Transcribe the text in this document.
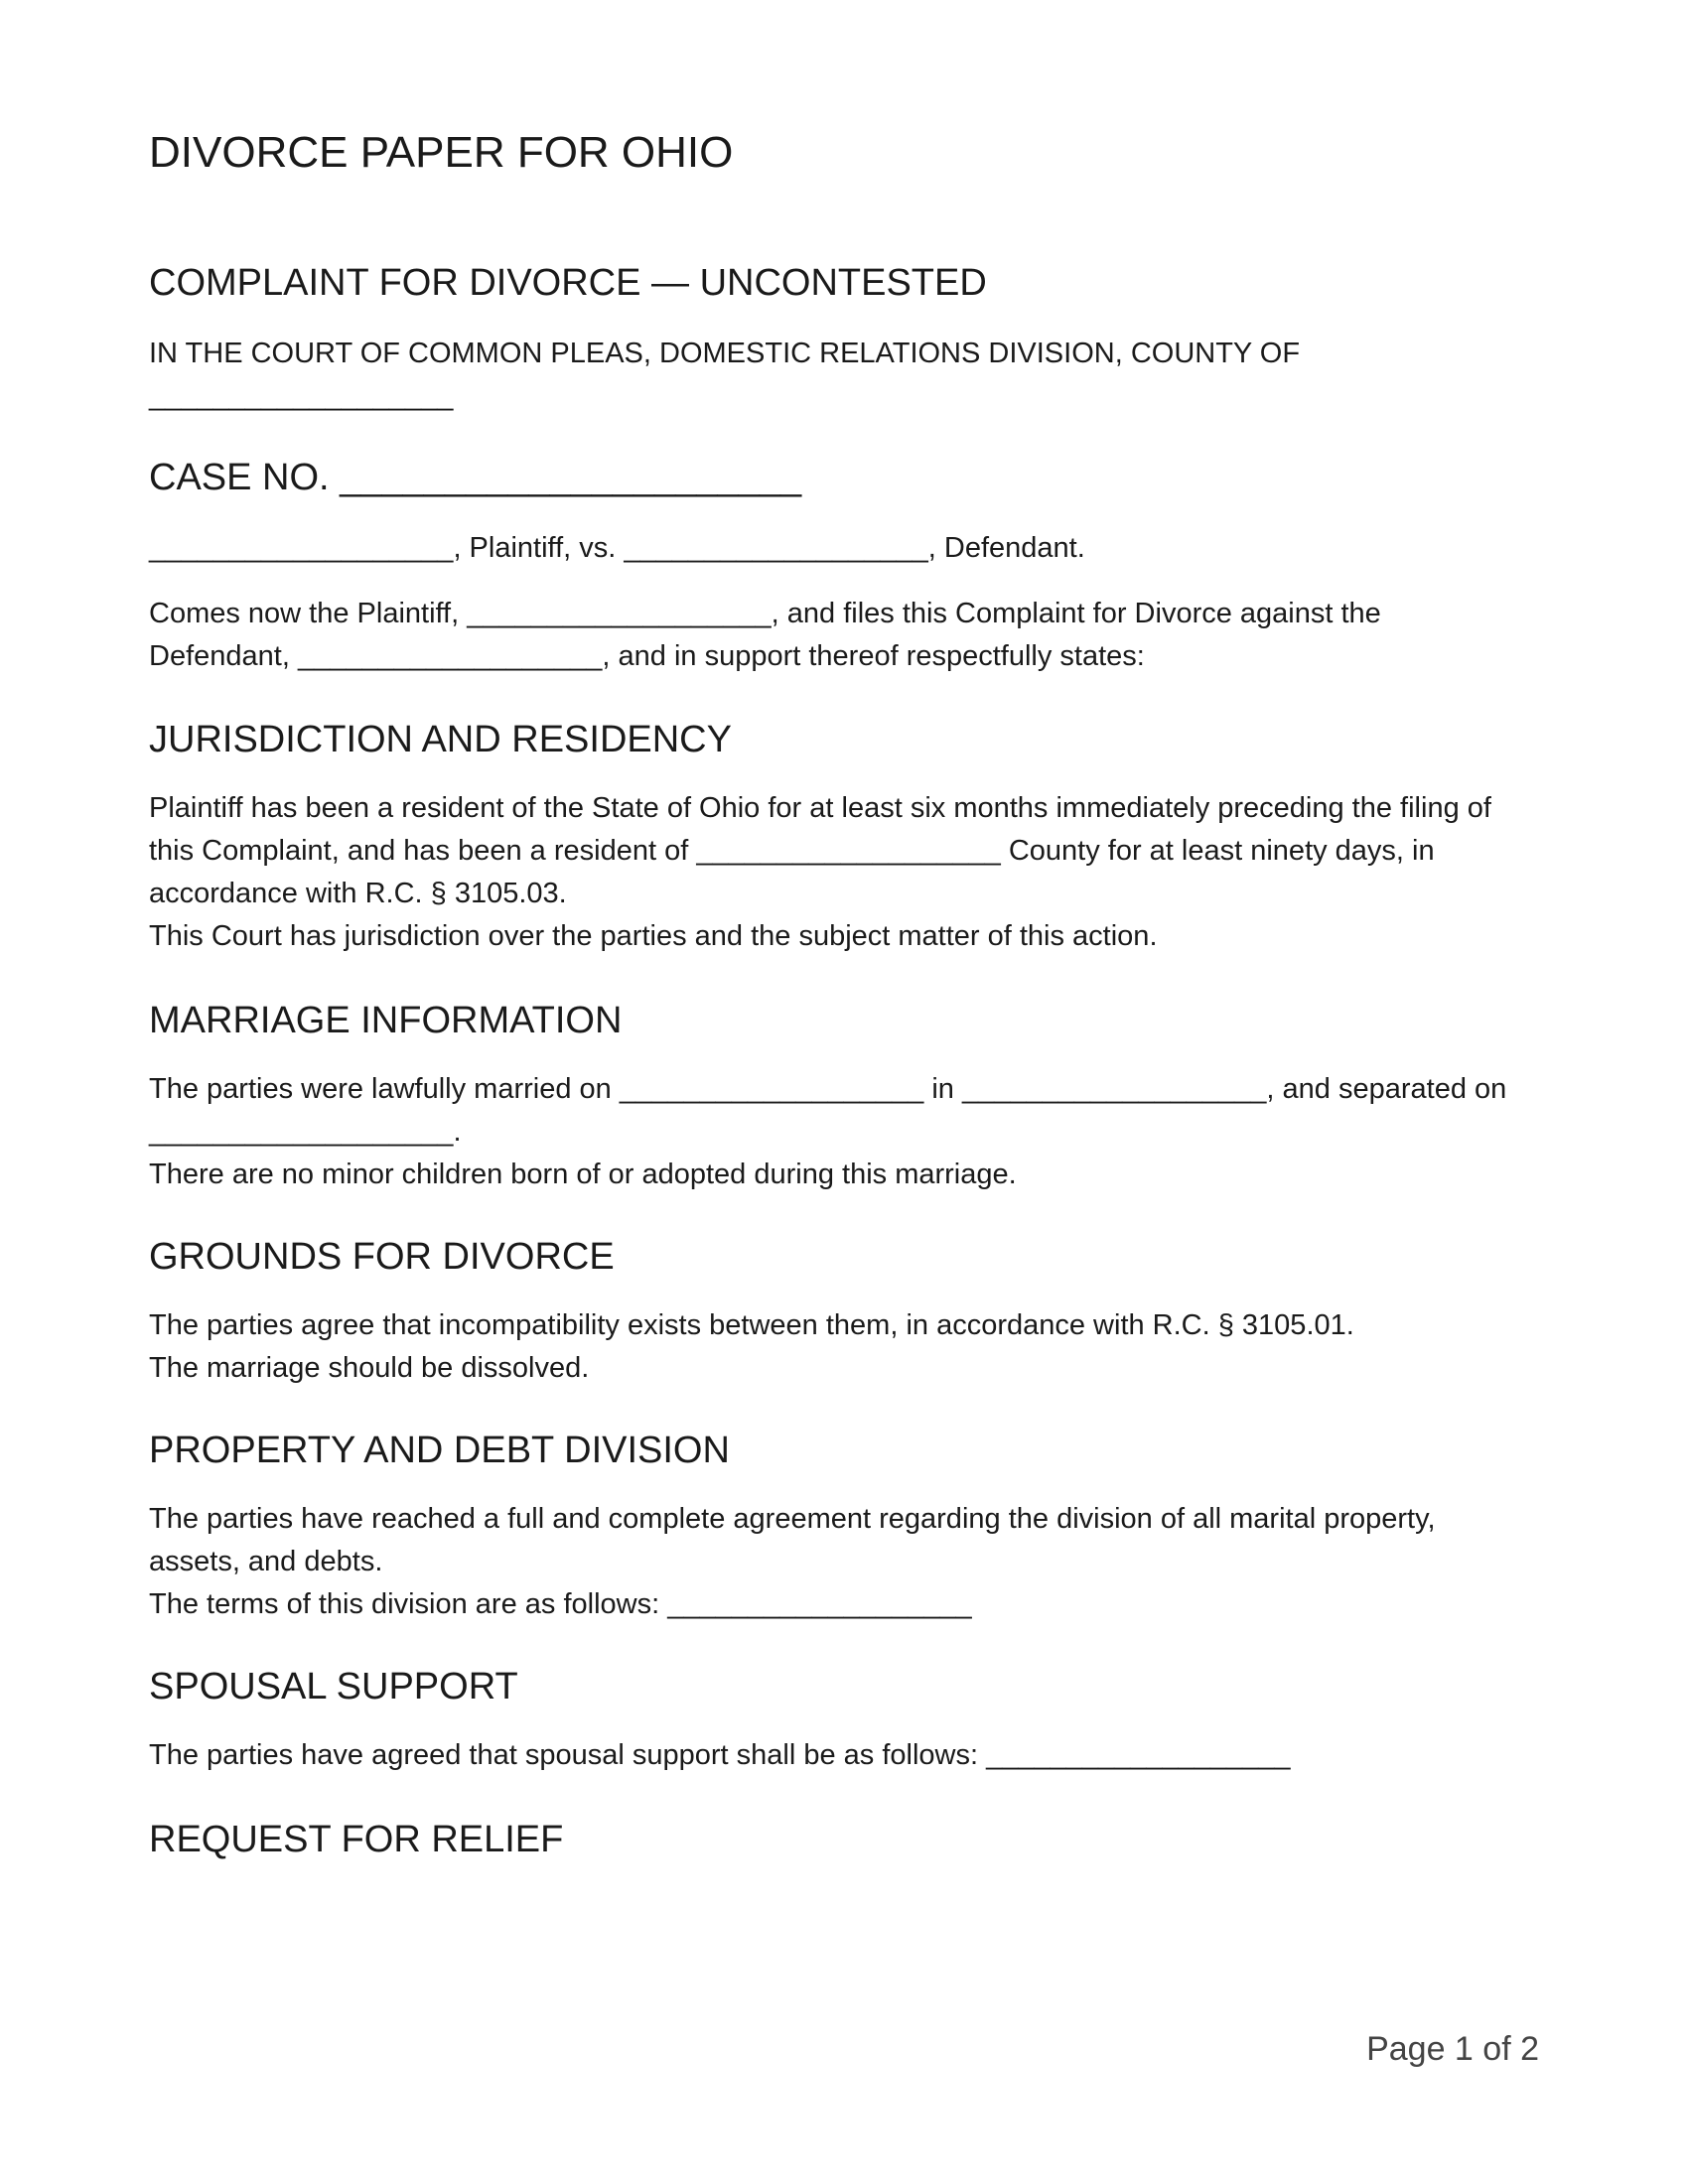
DIVORCE PAPER FOR OHIO
COMPLAINT FOR DIVORCE — UNCONTESTED

IN THE COURT OF COMMON PLEAS, DOMESTIC RELATIONS DIVISION, COUNTY OF
___________________

CASE NO. ______________________

___________________, Plaintiff, vs. ___________________, Defendant.

Comes now the Plaintiff, ___________________, and files this Complaint for Divorce against the
Defendant, ___________________, and in support thereof respectfully states:

JURISDICTION AND RESIDENCY

Plaintiff has been a resident of the State of Ohio for at least six months immediately preceding the filing of
this Complaint, and has been a resident of ___________________ County for at least ninety days, in
accordance with R.C. § 3105.03.
This Court has jurisdiction over the parties and the subject matter of this action.

MARRIAGE INFORMATION

The parties were lawfully married on ___________________ in ___________________, and separated on
___________________.
There are no minor children born of or adopted during this marriage.

GROUNDS FOR DIVORCE

The parties agree that incompatibility exists between them, in accordance with R.C. § 3105.01.
The marriage should be dissolved.

PROPERTY AND DEBT DIVISION

The parties have reached a full and complete agreement regarding the division of all marital property,
assets, and debts.
The terms of this division are as follows: ___________________

SPOUSAL SUPPORT

The parties have agreed that spousal support shall be as follows: ___________________

REQUEST FOR RELIEF
Page 1 of 2
